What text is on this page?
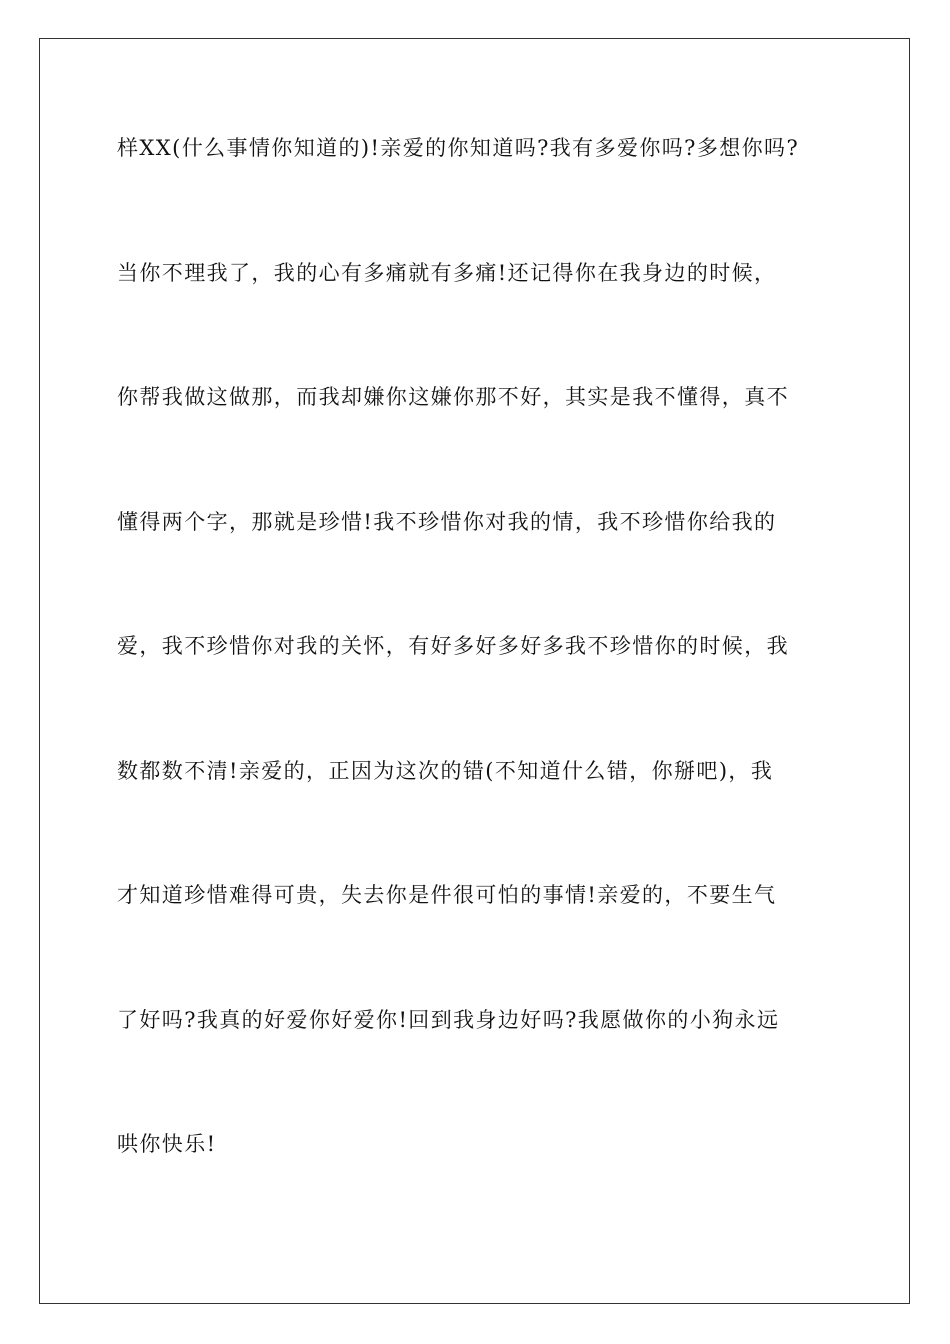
样XX(什么事情你知道的)!亲爱的你知道吗?我有多爱你吗?多想你吗?
当你不理我了，我的心有多痛就有多痛!还记得你在我身边的时候，
你帮我做这做那，而我却嫌你这嫌你那不好，其实是我不懂得，真不
懂得两个字，那就是珍惜!我不珍惜你对我的情，我不珍惜你给我的
爱，我不珍惜你对我的关怀，有好多好多好多我不珍惜你的时候，我
数都数不清!亲爱的，正因为这次的错(不知道什么错，你掰吧)，我
才知道珍惜难得可贵，失去你是件很可怕的事情!亲爱的，不要生气
了好吗?我真的好爱你好爱你!回到我身边好吗?我愿做你的小狗永远
哄你快乐!
